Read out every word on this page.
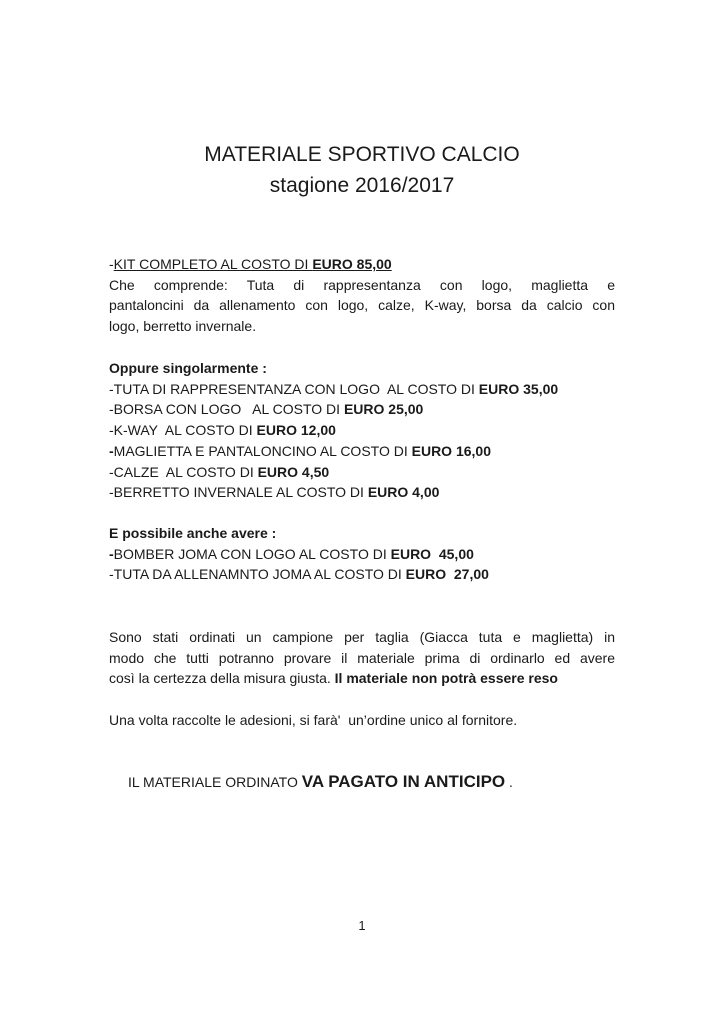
MATERIALE SPORTIVO CALCIO
stagione 2016/2017
-KIT COMPLETO AL COSTO DI EURO 85,00
Che comprende: Tuta di rappresentanza con logo, maglietta e
pantaloncini da allenamento con logo, calze, K-way, borsa da calcio con
logo, berretto invernale.
Oppure singolarmente :
-TUTA DI RAPPRESENTANZA CON LOGO  AL COSTO DI EURO 35,00
-BORSA CON LOGO   AL COSTO DI EURO 25,00
-K-WAY  AL COSTO DI EURO 12,00
-MAGLIETTA E PANTALONCINO AL COSTO DI EURO 16,00
-CALZE  AL COSTO DI EURO 4,50
-BERRETTO INVERNALE AL COSTO DI EURO 4,00
E possibile anche avere :
-BOMBER JOMA CON LOGO AL COSTO DI EURO  45,00
-TUTA DA ALLENAMNTO JOMA AL COSTO DI EURO  27,00
Sono stati ordinati un campione per taglia (Giacca tuta e maglietta) in
modo che tutti potranno provare il materiale prima di ordinarlo ed avere
così la certezza della misura giusta. Il materiale non potrà essere reso
Una volta raccolte le adesioni, si farà'  un’ordine unico al fornitore.
IL MATERIALE ORDINATO VA PAGATO IN ANTICIPO .
1
